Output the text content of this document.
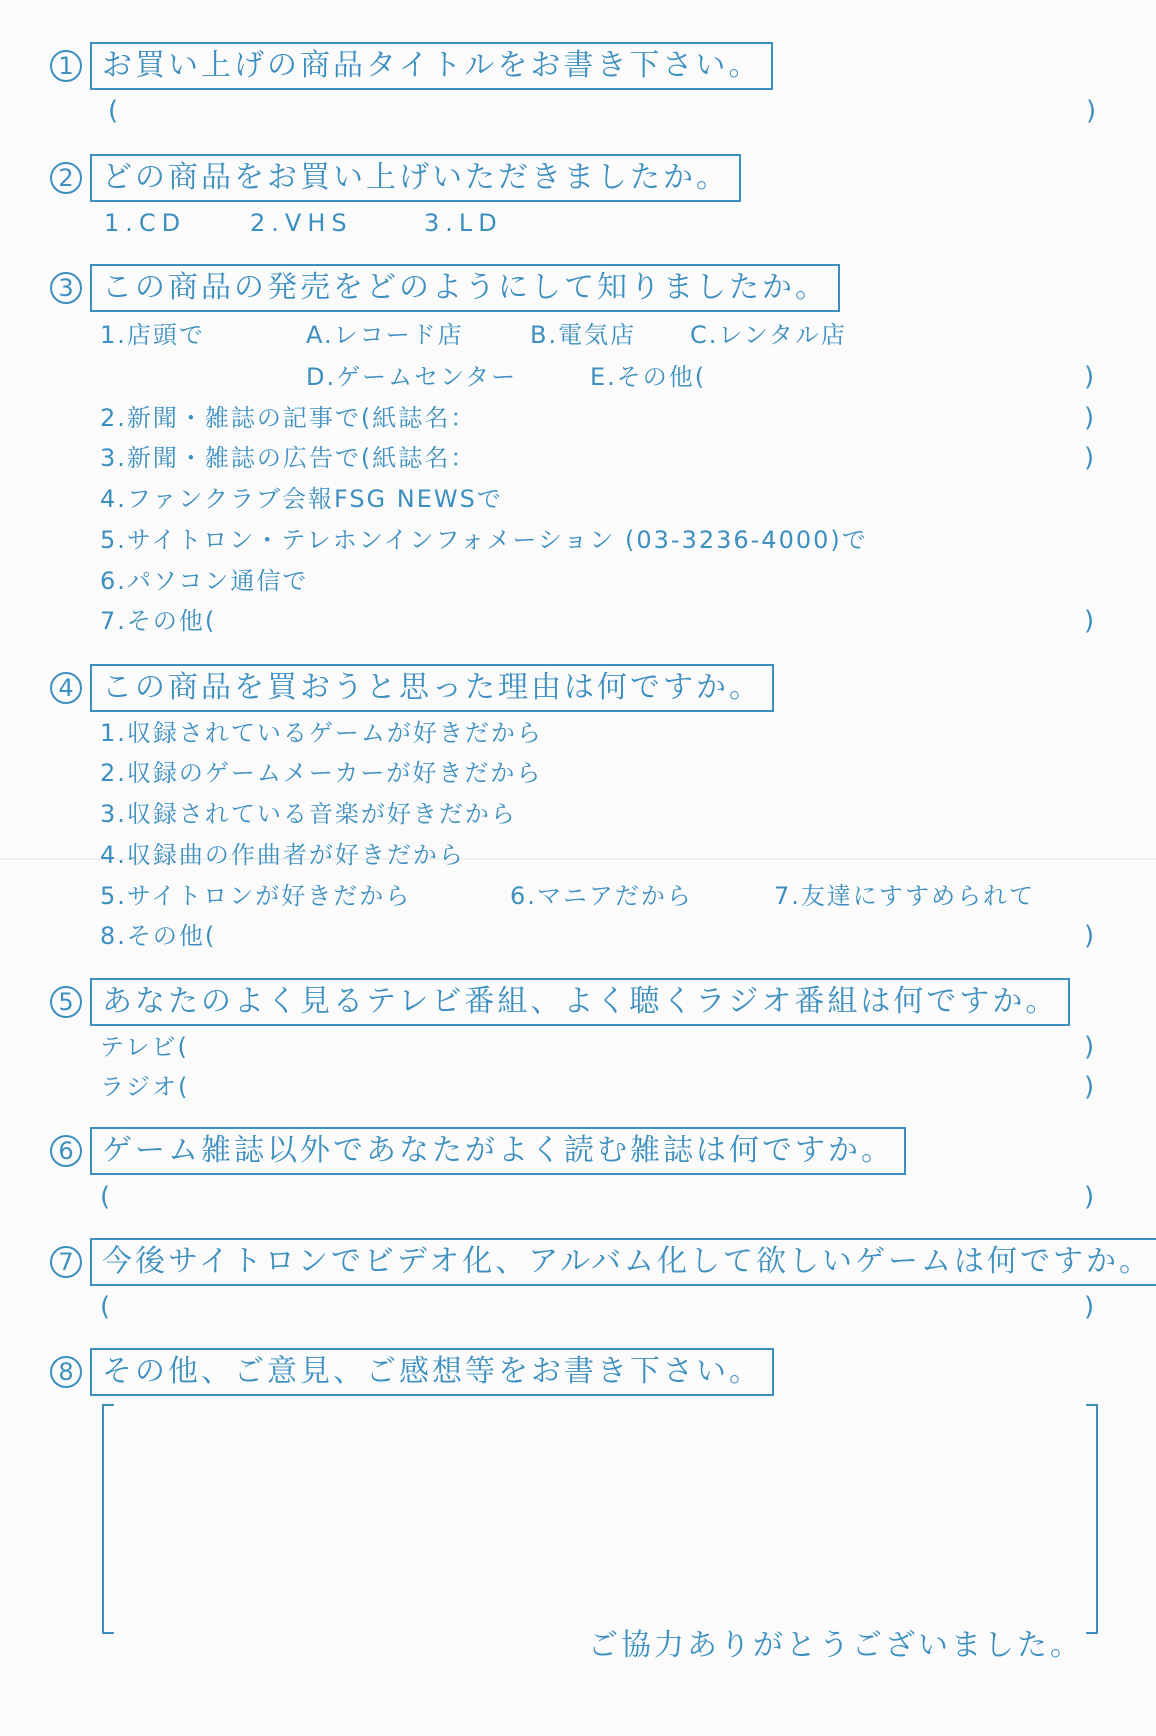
1 お買い上げの商品タイトルをお書き下さい。
(	)
2 どの商品をお買い上げいただきましたか。
1.CD	2.VHS	3.LD
3 この商品の発売をどのようにして知りましたか。
1.店頭で	A.レコード店	B.電気店 C.レンタル店
D.ゲームセンター	E.その他(	)
2.新聞・雑誌の記事で(紙誌名：	)
3.新聞・雑誌の広告で(紙誌名：	)
4.ファンクラブ会報FSG NEWSで
5.サイトロン・テレホンインフォメーション (03-3236-4000)で
6.パソコン通信で
7.その他(	)
4 この商品を買おうと思った理由は何ですか。
1.収録されているゲームが好きだから
2.収録のゲームメーカーが好きだから
3.収録されている音楽が好きだから
4.収録曲の作曲者が好きだから
5.サイトロンが好きだから	6.マニアだから	7.友達にすすめられて
8.その他(	)
5 あなたのよく見るテレビ番組、よく聴くラジオ番組は何ですか。
テレビ(	)
ラジオ(	)
6 ゲーム雑誌以外であなたがよく読む雑誌は何ですか。
(	)
7 今後サイトロンでビデオ化、アルバム化して欲しいゲームは何ですか。
(	)
8 その他、ご意見、ご感想等をお書き下さい。
ご協力ありがとうございました。
